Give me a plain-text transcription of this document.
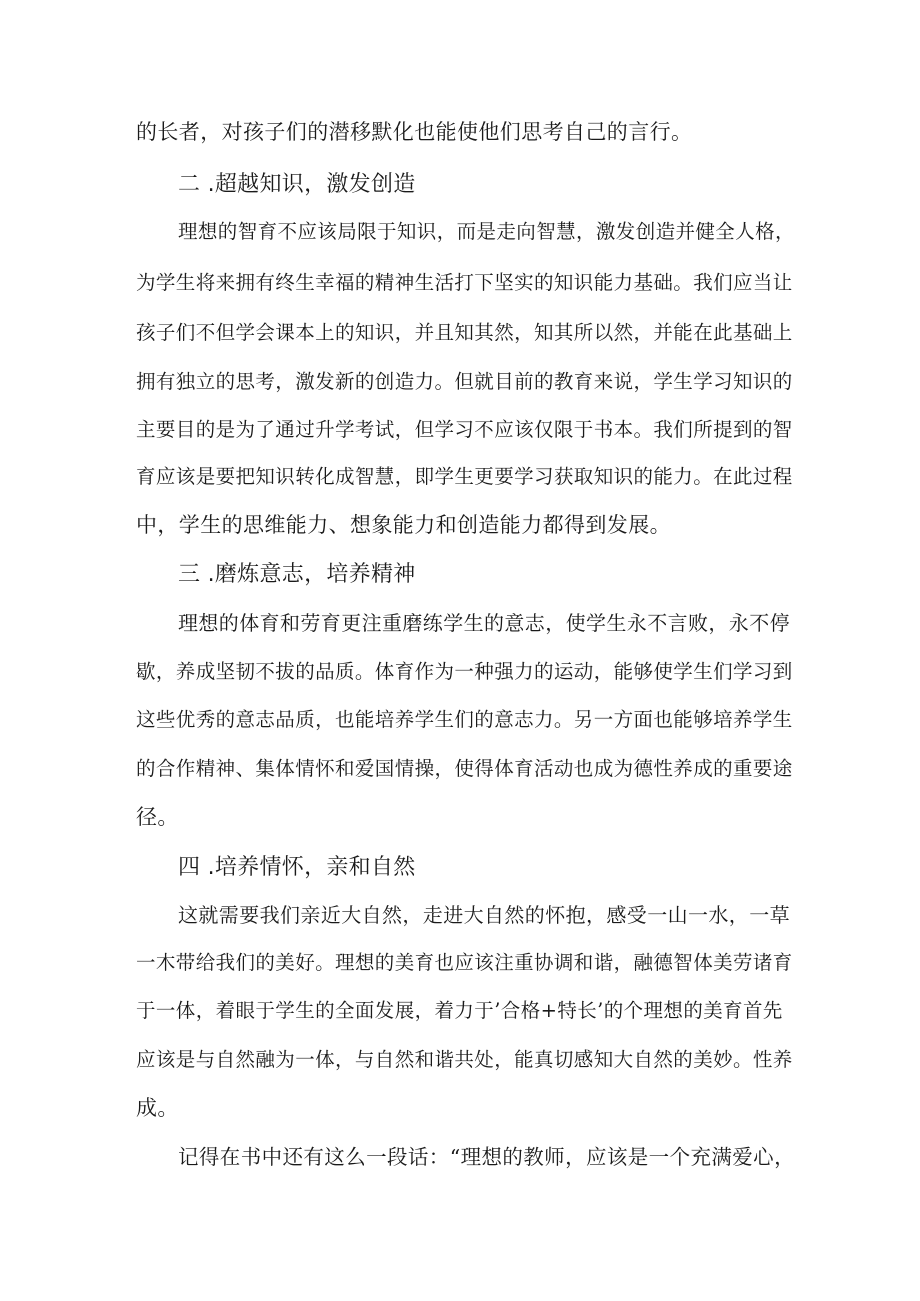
的长者，对孩子们的潜移默化也能使他们思考自己的言行。
二 .超越知识，激发创造
理想的智育不应该局限于知识，而是走向智慧，激发创造并健全人格，
为学生将来拥有终生幸福的精神生活打下坚实的知识能力基础。我们应当让
孩子们不但学会课本上的知识，并且知其然，知其所以然，并能在此基础上
拥有独立的思考，激发新的创造力。但就目前的教育来说，学生学习知识的
主要目的是为了通过升学考试，但学习不应该仅限于书本。我们所提到的智
育应该是要把知识转化成智慧，即学生更要学习获取知识的能力。在此过程
中，学生的思维能力、想象能力和创造能力都得到发展。
三 .磨炼意志，培养精神
理想的体育和劳育更注重磨练学生的意志，使学生永不言败，永不停
歇，养成坚韧不拔的品质。体育作为一种强力的运动，能够使学生们学习到
这些优秀的意志品质，也能培养学生们的意志力。另一方面也能够培养学生
的合作精神、集体情怀和爱国情操，使得体育活动也成为德性养成的重要途
径。
四 .培养情怀，亲和自然
这就需要我们亲近大自然，走进大自然的怀抱，感受一山一水，一草
一木带给我们的美好。理想的美育也应该注重协调和谐，融德智体美劳诸育
于一体，着眼于学生的全面发展，着力于’合格+特长’的个理想的美育首先
应该是与自然融为一体，与自然和谐共处，能真切感知大自然的美妙。性养
成。
记得在书中还有这么一段话：“理想的教师，应该是一个充满爱心，
